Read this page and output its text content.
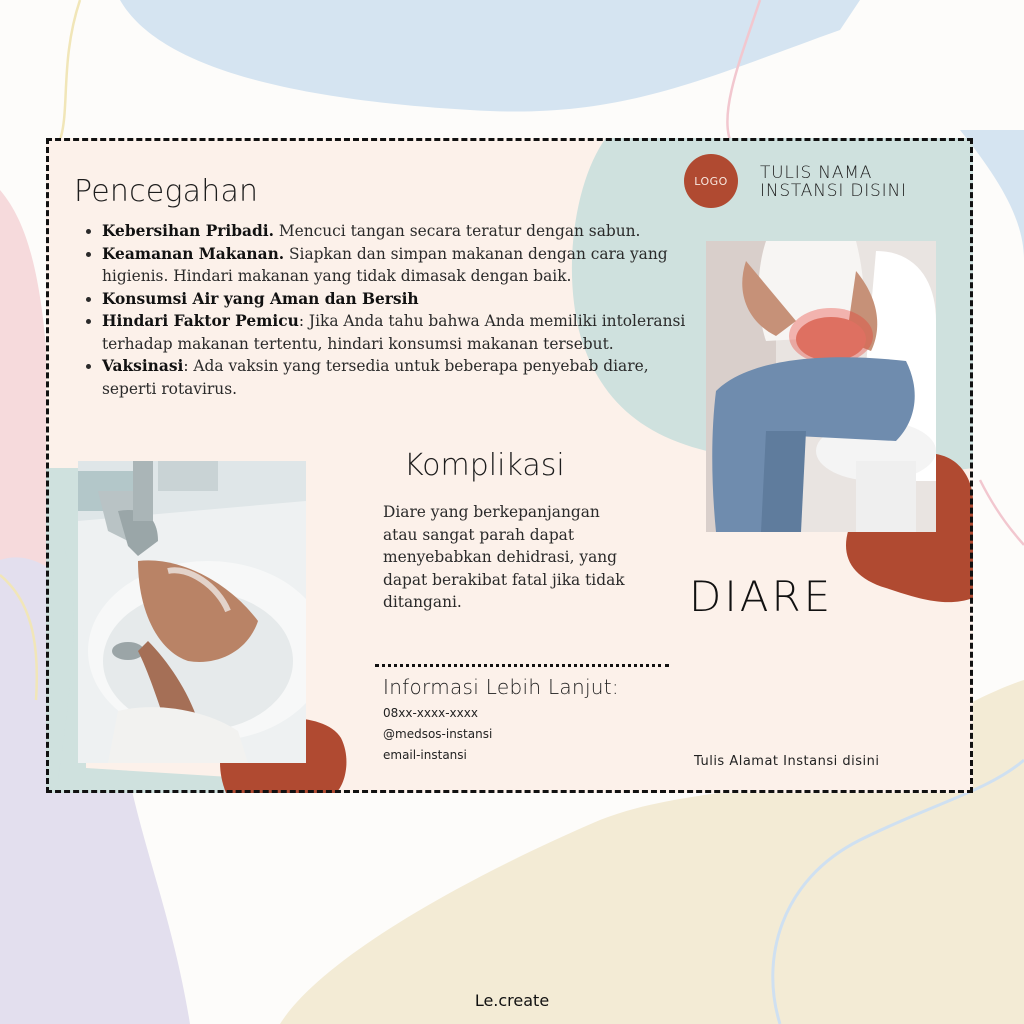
Pencegahan
• Kebersihan Pribadi. Mencuci tangan secara teratur dengan sabun.
• Keamanan Makanan. Siapkan dan simpan makanan dengan cara yang higienis. Hindari makanan yang tidak dimasak dengan baik.
• Konsumsi Air yang Aman dan Bersih
• Hindari Faktor Pemicu: Jika Anda tahu bahwa Anda memiliki intoleransi terhadap makanan tertentu, hindari konsumsi makanan tersebut.
• Vaksinasi: Ada vaksin yang tersedia untuk beberapa penyebab diare, seperti rotavirus.
Komplikasi
Diare yang berkepanjangan atau sangat parah dapat menyebabkan dehidrasi, yang dapat berakibat fatal jika tidak ditangani.
Informasi Lebih Lanjut:
08xx-xxxx-xxxx
@medsos-instansi
email-instansi
LOGO	TULIS NAMA INSTANSI DISINI
DIARE
Tulis Alamat Instansi disini
Le.create
